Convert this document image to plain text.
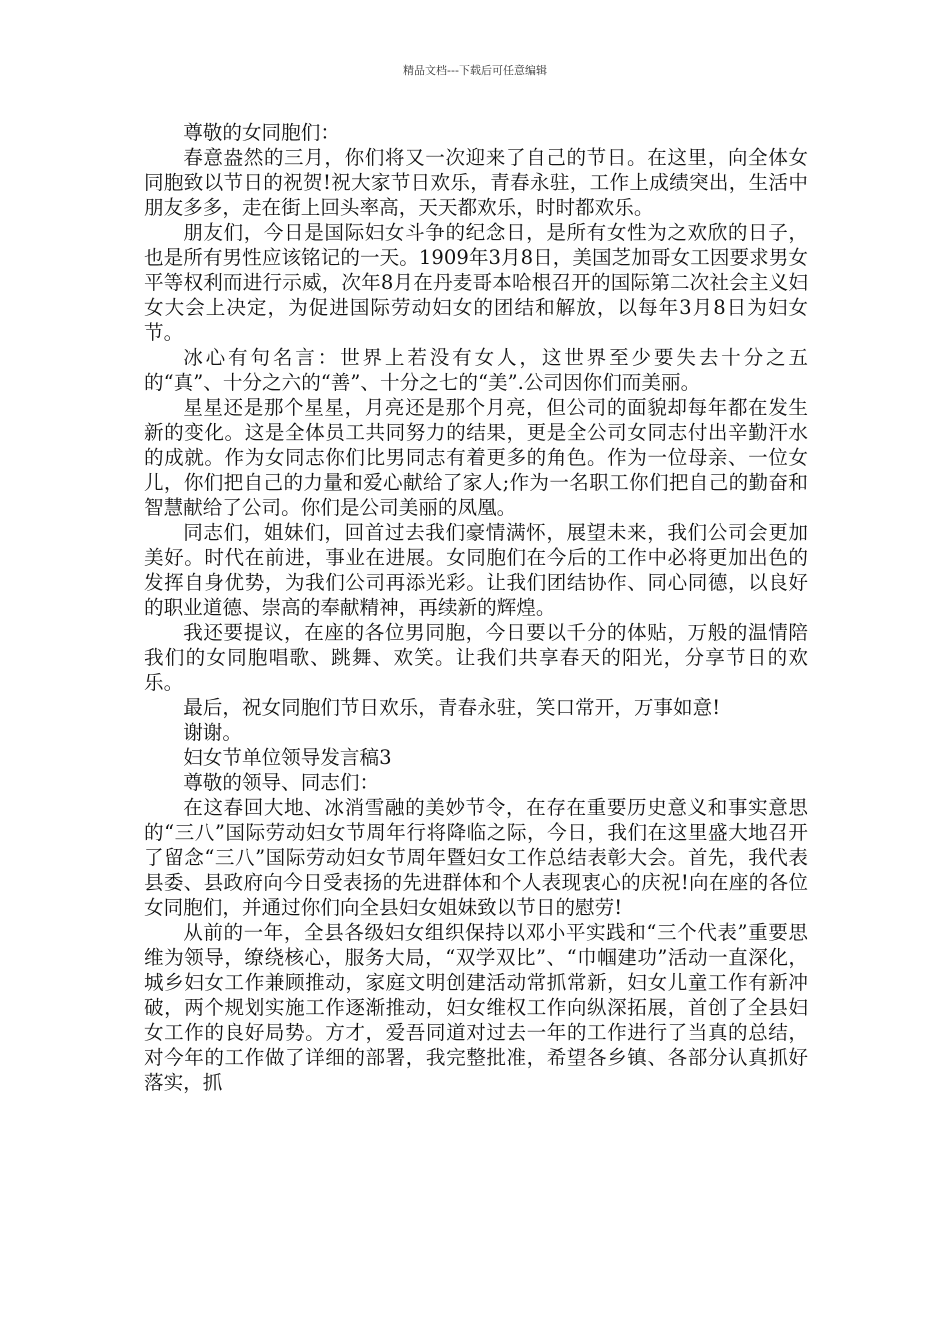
精品文档---下载后可任意编辑

尊敬的女同胞们：

春意盎然的三月，你们将又一次迎来了自己的节日。在这里，向全体女同胞致以节日的祝贺!祝大家节日欢乐，青春永驻，工作上成绩突出，生活中朋友多多，走在街上回头率高，天天都欢乐，时时都欢乐。

朋友们，今日是国际妇女斗争的纪念日，是所有女性为之欢欣的日子，也是所有男性应该铭记的一天。1909年3月8日，美国芝加哥女工因要求男女平等权利而进行示威，次年8月在丹麦哥本哈根召开的国际第二次社会主义妇女大会上决定，为促进国际劳动妇女的团结和解放，以每年3月8日为妇女节。

冰心有句名言：世界上若没有女人，这世界至少要失去十分之五的“真”、十分之六的“善”、十分之七的“美”.公司因你们而美丽。

星星还是那个星星，月亮还是那个月亮，但公司的面貌却每年都在发生新的变化。这是全体员工共同努力的结果，更是全公司女同志付出辛勤汗水的成就。作为女同志你们比男同志有着更多的角色。作为一位母亲、一位女儿，你们把自己的力量和爱心献给了家人;作为一名职工你们把自己的勤奋和智慧献给了公司。你们是公司美丽的凤凰。

同志们，姐妹们，回首过去我们豪情满怀，展望未来，我们公司会更加美好。时代在前进，事业在进展。女同胞们在今后的工作中必将更加出色的发挥自身优势，为我们公司再添光彩。让我们团结协作、同心同德，以良好的职业道德、崇高的奉献精神，再续新的辉煌。

我还要提议，在座的各位男同胞，今日要以千分的体贴，万般的温情陪我们的女同胞唱歌、跳舞、欢笑。让我们共享春天的阳光，分享节日的欢乐。

最后，祝女同胞们节日欢乐，青春永驻，笑口常开，万事如意!

谢谢。

妇女节单位领导发言稿3

尊敬的领导、同志们：

在这春回大地、冰消雪融的美妙节令，在存在重要历史意义和事实意思的“三八”国际劳动妇女节周年行将降临之际，今日，我们在这里盛大地召开了留念“三八”国际劳动妇女节周年暨妇女工作总结表彰大会。首先，我代表县委、县政府向今日受表扬的先进群体和个人表现衷心的庆祝!向在座的各位女同胞们，并通过你们向全县妇女姐妹致以节日的慰劳!

从前的一年，全县各级妇女组织保持以邓小平实践和“三个代表”重要思维为领导，缭绕核心，服务大局，“双学双比”、“巾帼建功”活动一直深化，城乡妇女工作兼顾推动，家庭文明创建活动常抓常新，妇女儿童工作有新冲破，两个规划实施工作逐渐推动，妇女维权工作向纵深拓展，首创了全县妇女工作的良好局势。方才，爱吾同道对过去一年的工作进行了当真的总结，对今年的工作做了详细的部署，我完整批准，希望各乡镇、各部分认真抓好落实，抓
